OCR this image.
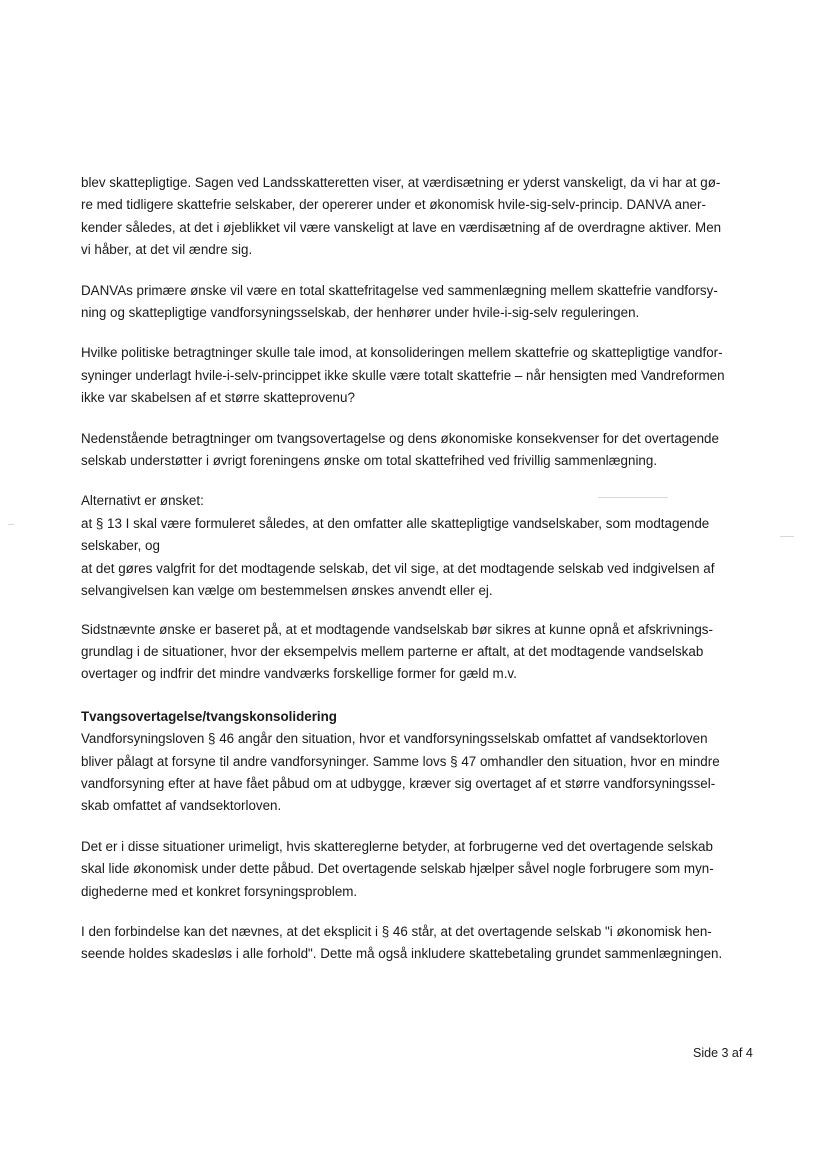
blev skattepligtige. Sagen ved Landsskatteretten viser, at værdisætning er yderst vanskeligt, da vi har at gø-
re med tidligere skattefrie selskaber, der opererer under et økonomisk hvile-sig-selv-princip. DANVA aner-
kender således, at det i øjeblikket vil være vanskeligt at lave en værdisætning af de overdragne aktiver. Men
vi håber, at det vil ændre sig.
DANVAs primære ønske vil være en total skattefritagelse ved sammenlægning mellem skattefrie vandforsy-
ning og skattepligtige vandforsyningsselskab, der henhører under hvile-i-sig-selv reguleringen.
Hvilke politiske betragtninger skulle tale imod, at konsolideringen mellem skattefrie og skattepligtige vandfor-
syninger underlagt hvile-i-selv-princippet ikke skulle være totalt skattefrie – når hensigten med Vandreformen
ikke var skabelsen af et større skatteprovenu?
Nedenstående betragtninger om tvangsovertagelse og dens økonomiske konsekvenser for det overtagende
selskab understøtter i øvrigt foreningens ønske om total skattefrihed ved frivillig sammenlægning.
Alternativt er ønsket:
at § 13 I skal være formuleret således, at den omfatter alle skattepligtige vandselskaber, som modtagende
selskaber, og
at det gøres valgfrit for det modtagende selskab, det vil sige, at det modtagende selskab ved indgivelsen af
selvangivelsen kan vælge om bestemmelsen ønskes anvendt eller ej.
Sidstnævnte ønske er baseret på, at et modtagende vandselskab bør sikres at kunne opnå et afskrivnings-
grundlag i de situationer, hvor der eksempelvis mellem parterne er aftalt, at det modtagende vandselskab
overtager og indfrir det mindre vandværks forskellige former for gæld m.v.
Tvangsovertagelse/tvangskonsolidering
Vandforsyningsloven § 46 angår den situation, hvor et vandforsyningsselskab omfattet af vandsektorloven
bliver pålagt at forsyne til andre vandforsyninger. Samme lovs § 47 omhandler den situation, hvor en mindre
vandforsyning efter at have fået påbud om at udbygge, kræver sig overtaget af et større vandforsyningssel-
skab omfattet af vandsektorloven.
Det er i disse situationer urimeligt, hvis skattereglerne betyder, at forbrugerne ved det overtagende selskab
skal lide økonomisk under dette påbud. Det overtagende selskab hjælper såvel nogle forbrugere som myn-
dighederne med et konkret forsyningsproblem.
I den forbindelse kan det nævnes, at det eksplicit i § 46 står, at det overtagende selskab "i økonomisk hen-
seende holdes skadesløs i alle forhold". Dette må også inkludere skattebetaling grundet sammenlægningen.
Side 3 af 4
